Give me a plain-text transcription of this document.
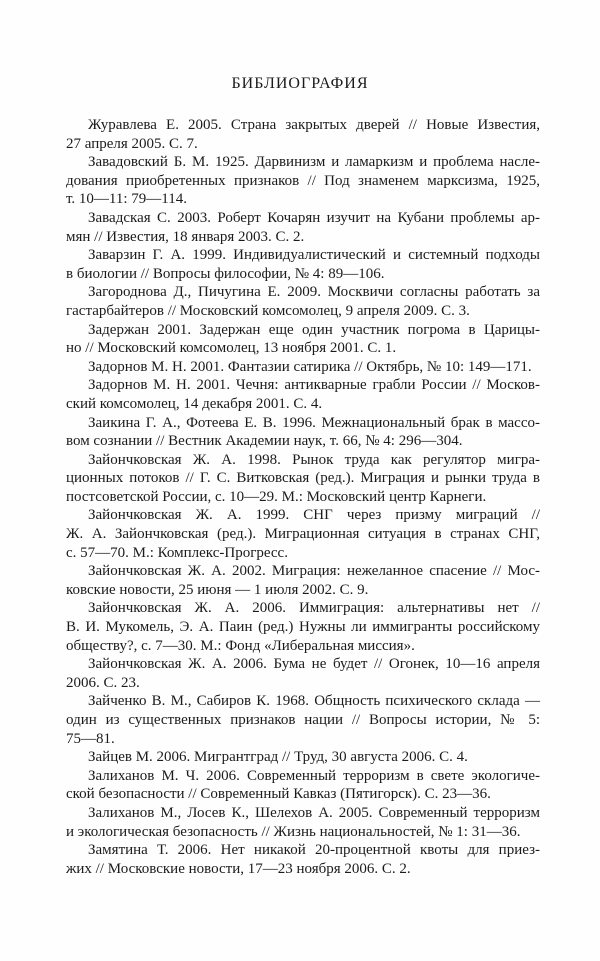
БИБЛИОГРАФИЯ

Журавлева Е. 2005. Страна закрытых дверей // Новые Известия,
27 апреля 2005. С. 7.

Завадовский Б. М. 1925. Дарвинизм и ламаркизм и проблема насле-
дования приобретенных признаков // Под знаменем марксизма, 1925,
т. 10—11: 79—114.

Завадская С. 2003. Роберт Кочарян изучит на Кубани проблемы ар-
мян // Известия, 18 января 2003. С. 2.

Заварзин Г. А. 1999. Индивидуалистический и системный подходы
в биологии // Вопросы философии, № 4: 89—106.

Загороднова Д., Пичугина Е. 2009. Москвичи согласны работать за
гастарбайтеров // Московский комсомолец, 9 апреля 2009. С. 3.

Задержан 2001. Задержан еще один участник погрома в Царицы-
но // Московский комсомолец, 13 ноября 2001. С. 1.

Задорнов М. Н. 2001. Фантазии сатирика // Октябрь, № 10: 149—171.

Задорнов М. Н. 2001. Чечня: антикварные грабли России // Москов-
ский комсомолец, 14 декабря 2001. С. 4.

Заикина Г. А., Фотеева Е. В. 1996. Межнациональный брак в массо-
вом сознании // Вестник Академии наук, т. 66, № 4: 296—304.

Зайончковская Ж. А. 1998. Рынок труда как регулятор мигра-
ционных потоков // Г. С. Витковская (ред.). Миграция и рынки труда в
постсоветской России, с. 10—29. М.: Московский центр Карнеги.

Зайончковская Ж. А. 1999. СНГ через призму миграций //
Ж. А. Зайончковская (ред.). Миграционная ситуация в странах СНГ,
с. 57—70. М.: Комплекс-Прогресс.

Зайончковская Ж. А. 2002. Миграция: нежеланное спасение // Мос-
ковские новости, 25 июня — 1 июля 2002. С. 9.

Зайончковская Ж. А. 2006. Иммиграция: альтернативы нет //
В. И. Мукомель, Э. А. Паин (ред.) Нужны ли иммигранты российскому
обществу?, с. 7—30. М.: Фонд «Либеральная миссия».

Зайончковская Ж. А. 2006. Бума не будет // Огонек, 10—16 апреля
2006. С. 23.

Зайченко В. М., Сабиров К. 1968. Общность психического склада —
один из существенных признаков нации // Вопросы истории, № 5:
75—81.

Зайцев М. 2006. Мигрантград // Труд, 30 августа 2006. С. 4.

Залиханов М. Ч. 2006. Современный терроризм в свете экологиче-
ской безопасности // Современный Кавказ (Пятигорск). С. 23—36.

Залиханов М., Лосев К., Шелехов А. 2005. Современный терроризм
и экологическая безопасность // Жизнь национальностей, № 1: 31—36.

Замятина Т. 2006. Нет никакой 20-процентной квоты для приез-
жих // Московские новости, 17—23 ноября 2006. С. 2.
